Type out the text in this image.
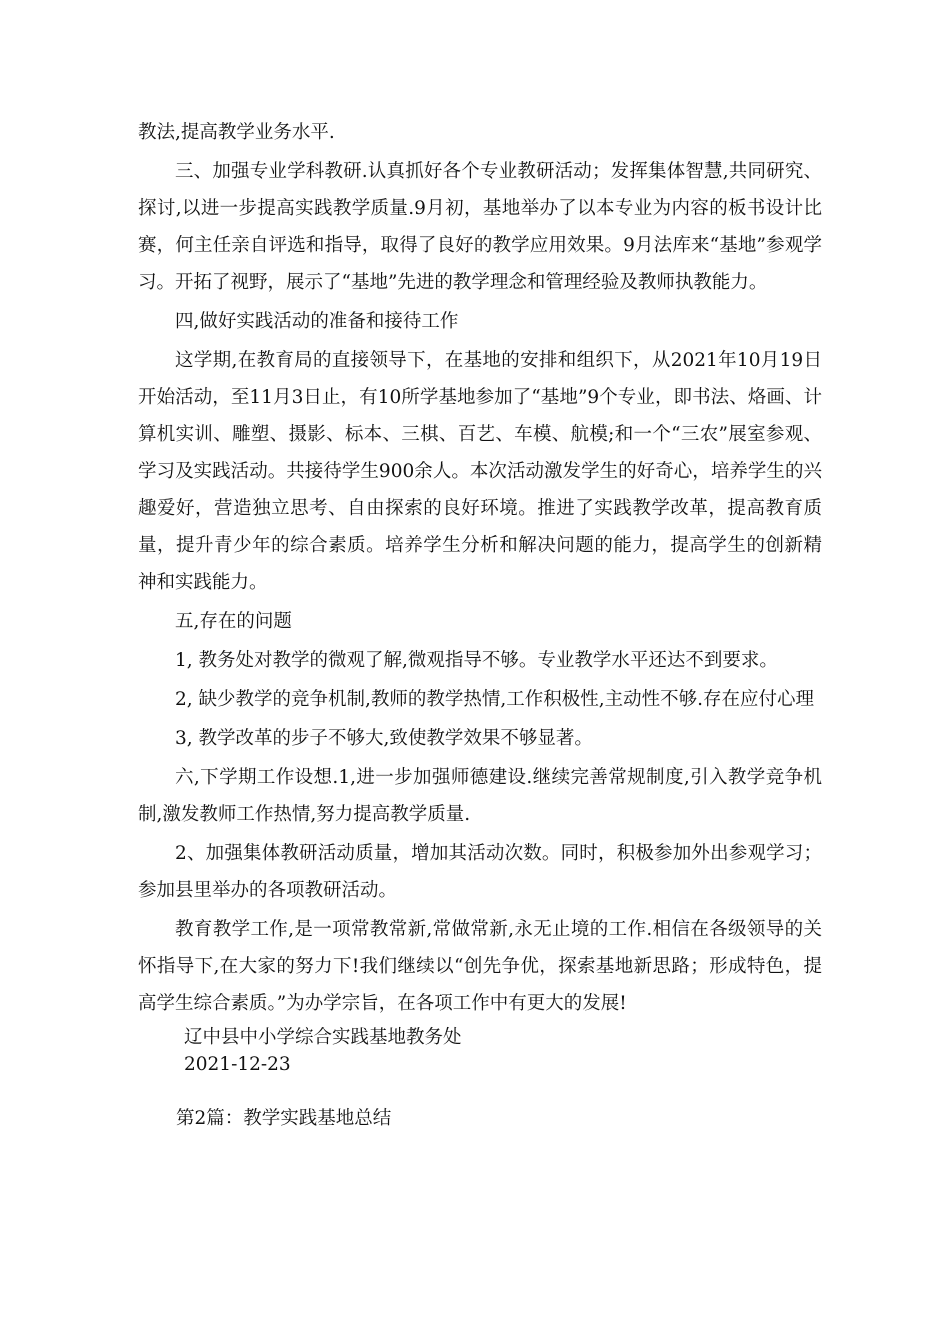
教法,提高教学业务水平.

三、加强专业学科教研.认真抓好各个专业教研活动；发挥集体智慧,共同研究、探讨,以进一步提高实践教学质量.9月初，基地举办了以本专业为内容的板书设计比赛，何主任亲自评选和指导，取得了良好的教学应用效果。9月法库来“基地”参观学习。开拓了视野，展示了“基地”先进的教学理念和管理经验及教师执教能力。

四,做好实践活动的准备和接待工作

这学期,在教育局的直接领导下，在基地的安排和组织下，从2021年10月19日开始活动，至11月3日止，有10所学基地参加了“基地”9个专业，即书法、烙画、计算机实训、雕塑、摄影、标本、三棋、百艺、车模、航模;和一个“三农”展室参观、学习及实践活动。共接待学生900余人。本次活动激发学生的好奇心，培养学生的兴趣爱好，营造独立思考、自由探索的良好环境。推进了实践教学改革，提高教育质量，提升青少年的综合素质。培养学生分析和解决问题的能力，提高学生的创新精神和实践能力。

五,存在的问题

1, 教务处对教学的微观了解,微观指导不够。专业教学水平还达不到要求。

2, 缺少教学的竞争机制,教师的教学热情,工作积极性,主动性不够.存在应付心理

3, 教学改革的步子不够大,致使教学效果不够显著。

六,下学期工作设想.1,进一步加强师德建设.继续完善常规制度,引入教学竞争机制,激发教师工作热情,努力提高教学质量.

2、加强集体教研活动质量，增加其活动次数。同时，积极参加外出参观学习；参加县里举办的各项教研活动。

教育教学工作,是一项常教常新,常做常新,永无止境的工作.相信在各级领导的关怀指导下,在大家的努力下!我们继续以“创先争优，探索基地新思路；形成特色，提高学生综合素质。”为办学宗旨，在各项工作中有更大的发展!

辽中县中小学综合实践基地教务处
2021-12-23
第2篇：教学实践基地总结
